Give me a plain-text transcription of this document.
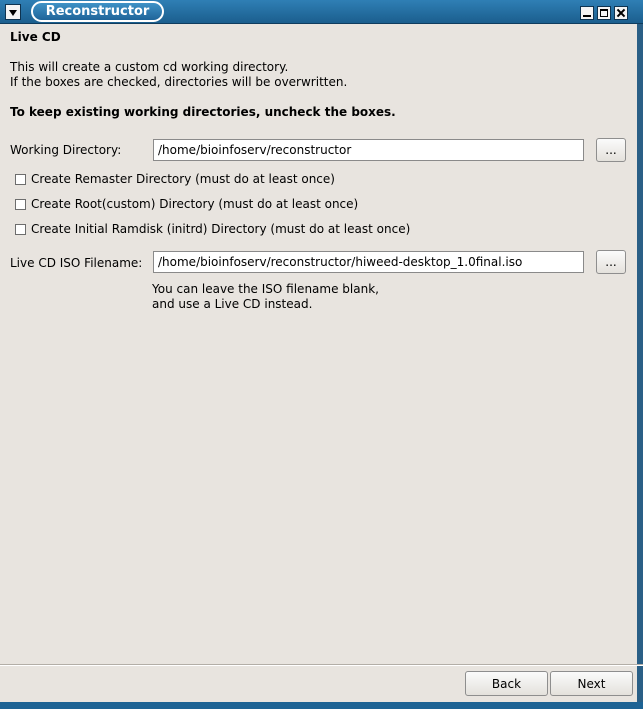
Reconstructor
Live CD
This will create a custom cd working directory.
If the boxes are checked, directories will be overwritten.
To keep existing working directories, uncheck the boxes.
Working Directory:
/home/bioinfoserv/reconstructor	...
Create Remaster Directory (must do at least once)
Create Root(custom) Directory (must do at least once)
Create Initial Ramdisk (initrd) Directory (must do at least once)
Live CD ISO Filename:
/home/bioinfoserv/reconstructor/hiweed-desktop_1.0final.iso	...
You can leave the ISO filename blank,
and use a Live CD instead.
Back	Next
